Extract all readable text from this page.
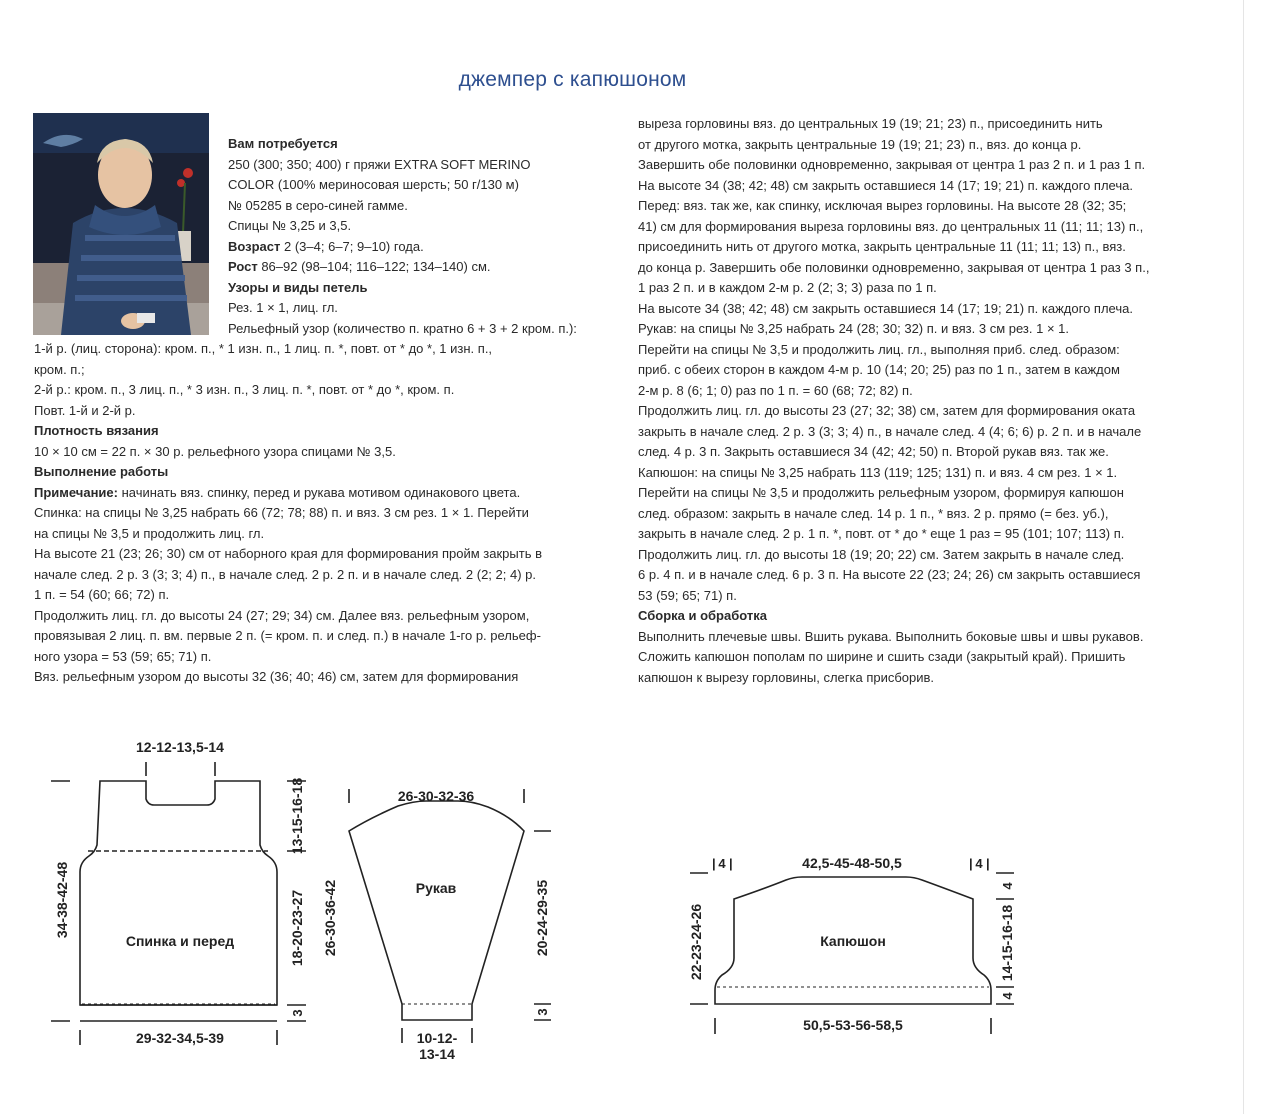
джемпер с капюшоном
Вам потребуется
250 (300; 350; 400) г пряжи EXTRA SOFT MERINO
COLOR (100% мериносовая шерсть; 50 г/130 м)
№ 05285 в серо-синей гамме.
Спицы № 3,25 и 3,5.
Возраст 2 (3–4; 6–7; 9–10) года.
Рост 86–92 (98–104; 116–122; 134–140) см.
Узоры и виды петель
Рез. 1 × 1, лиц. гл.
Рельефный узор (количество п. кратно 6 + 3 + 2 кром. п.):
1-й р. (лиц. сторона): кром. п., * 1 изн. п., 1 лиц. п. *, повт. от * до *, 1 изн. п.,
кром. п.;
2-й р.: кром. п., 3 лиц. п., * 3 изн. п., 3 лиц. п. *, повт. от * до *, кром. п.
Повт. 1-й и 2-й р.
Плотность вязания
10 × 10 см = 22 п. × 30 р. рельефного узора спицами № 3,5.
Выполнение работы
Примечание: начинать вяз. спинку, перед и рукава мотивом одинакового цвета.
Спинка: на спицы № 3,25 набрать 66 (72; 78; 88) п. и вяз. 3 см рез. 1 × 1. Перейти
на спицы № 3,5 и продолжить лиц. гл.
На высоте 21 (23; 26; 30) см от наборного края для формирования пройм закрыть в
начале след. 2 р. 3 (3; 3; 4) п., в начале след. 2 р. 2 п. и в начале след. 2 (2; 2; 4) р.
1 п. = 54 (60; 66; 72) п.
Продолжить лиц. гл. до высоты 24 (27; 29; 34) см. Далее вяз. рельефным узором,
провязывая 2 лиц. п. вм. первые 2 п. (= кром. п. и след. п.) в начале 1-го р. рельеф-
ного узора = 53 (59; 65; 71) п.
Вяз. рельефным узором до высоты 32 (36; 40; 46) см, затем для формирования
выреза горловины вяз. до центральных 19 (19; 21; 23) п., присоединить нить
от другого мотка, закрыть центральные 19 (19; 21; 23) п., вяз. до конца р.
Завершить обе половинки одновременно, закрывая от центра 1 раз 2 п. и 1 раз 1 п.
На высоте 34 (38; 42; 48) см закрыть оставшиеся 14 (17; 19; 21) п. каждого плеча.
Перед: вяз. так же, как спинку, исключая вырез горловины. На высоте 28 (32; 35;
41) см для формирования выреза горловины вяз. до центральных 11 (11; 11; 13) п.,
присоединить нить от другого мотка, закрыть центральные 11 (11; 11; 13) п., вяз.
до конца р. Завершить обе половинки одновременно, закрывая от центра 1 раз 3 п.,
1 раз 2 п. и в каждом 2-м р. 2 (2; 3; 3) раза по 1 п.
На высоте 34 (38; 42; 48) см закрыть оставшиеся 14 (17; 19; 21) п. каждого плеча.
Рукав: на спицы № 3,25 набрать 24 (28; 30; 32) п. и вяз. 3 см рез. 1 × 1.
Перейти на спицы № 3,5 и продолжить лиц. гл., выполняя приб. след. образом:
приб. с обеих сторон в каждом 4-м р. 10 (14; 20; 25) раз по 1 п., затем в каждом
2-м р. 8 (6; 1; 0) раз по 1 п. = 60 (68; 72; 82) п.
Продолжить лиц. гл. до высоты 23 (27; 32; 38) см, затем для формирования оката
закрыть в начале след. 2 р. 3 (3; 3; 4) п., в начале след. 4 (4; 6; 6) р. 2 п. и в начале
след. 4 р. 3 п. Закрыть оставшиеся 34 (42; 42; 50) п. Второй рукав вяз. так же.
Капюшон: на спицы № 3,25 набрать 113 (119; 125; 131) п. и вяз. 4 см рез. 1 × 1.
Перейти на спицы № 3,5 и продолжить рельефным узором, формируя капюшон
след. образом: закрыть в начале след. 14 р. 1 п., * вяз. 2 р. прямо (= без. уб.),
закрыть в начале след. 2 р. 1 п. *, повт. от * до * еще 1 раз = 95 (101; 107; 113) п.
Продолжить лиц. гл. до высоты 18 (19; 20; 22) см. Затем закрыть в начале след.
6 р. 4 п. и в начале след. 6 р. 3 п. На высоте 22 (23; 24; 26) см закрыть оставшиеся
53 (59; 65; 71) п.
Сборка и обработка
Выполнить плечевые швы. Вшить рукава. Выполнить боковые швы и швы рукавов.
Сложить капюшон пополам по ширине и сшить сзади (закрытый край). Пришить
капюшон к вырезу горловины, слегка присборив.
12-12-13,5-14
Спинка и перед
29-32-34,5-39
34-38-42-48
13-15-16-18
18-20-23-27
3
26-30-32-36
Рукав
10-12-
13-14
26-30-36-42	20-24-29-35
3
4
| |	42,5-45-48-50,5	4
| |
Капюшон
50,5-53-56-58,5
22-23-24-26
4
14-15-16-18
4
